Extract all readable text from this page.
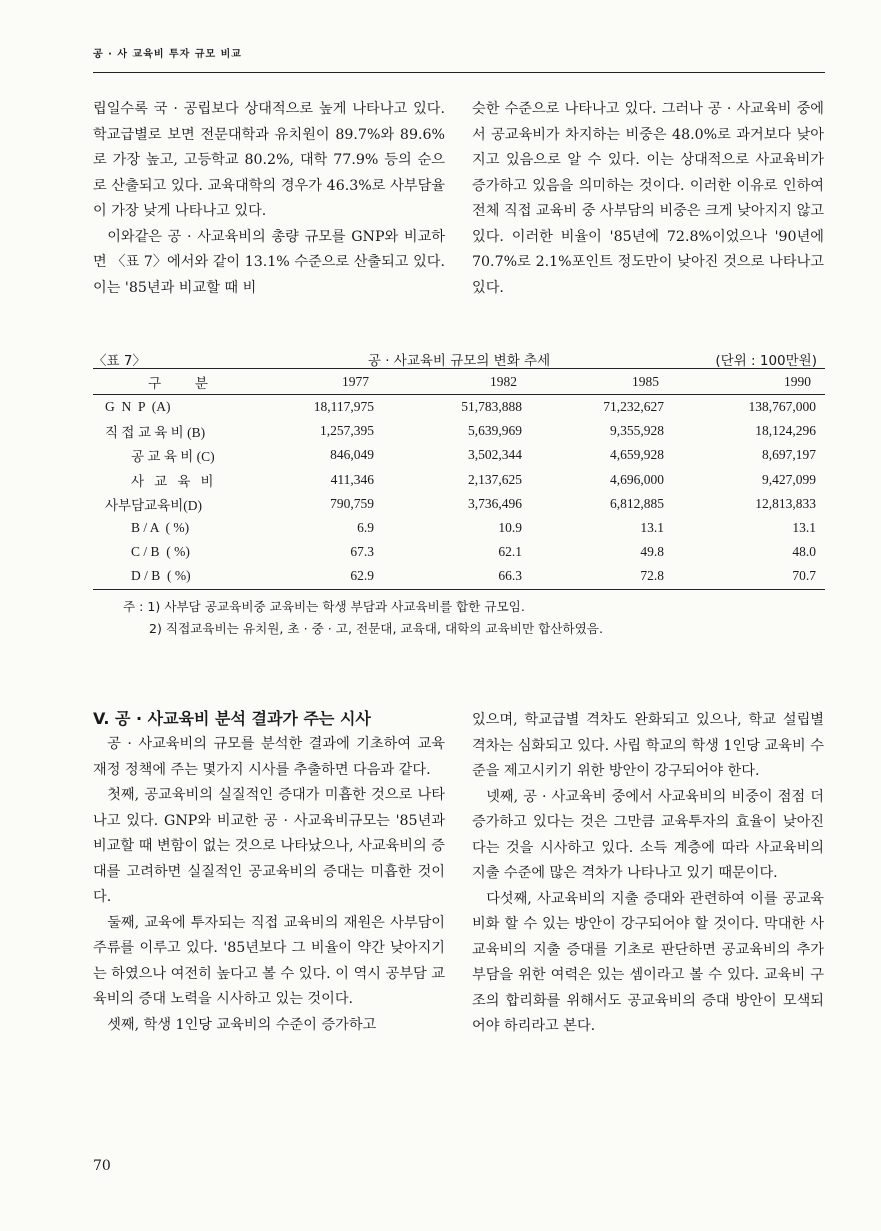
공 · 사 교육비 투자 규모 비교

립일수록 국 · 공립보다 상대적으로 높게 나타나고 있다. 학교급별로 보면 전문대학과 유치원이 89.7%와 89.6%로 가장 높고, 고등학교 80.2%, 대학 77.9% 등의 순으로 산출되고 있다. 교육대학의 경우가 46.3%로 사부담율이 가장 낮게 나타나고 있다.

이와같은 공 · 사교육비의 총량 규모를 GNP와 비교하면 〈표 7〉에서와 같이 13.1% 수준으로 산출되고 있다. 이는 '85년과 비교할 때 비

슷한 수준으로 나타나고 있다. 그러나 공 · 사교육비 중에서 공교육비가 차지하는 비중은 48.0%로 과거보다 낮아지고 있음으로 알 수 있다. 이는 상대적으로 사교육비가 증가하고 있음을 의미하는 것이다. 이러한 이유로 인하여 전체 직접 교육비 중 사부담의 비중은 크게 낮아지지 않고 있다. 이러한 비율이 '85년에 72.8%이었으나 '90년에 70.7%로 2.1%포인트 정도만이 낮아진 것으로 나타나고 있다.

〈표 7〉	공 · 사교육비 규모의 변화 추세	(단위 : 100만원)
구          분	1977	1982	1985	1990
G  N  P  (A)	18,117,975	51,783,888	71,232,627	138,767,000
직 접 교 육 비 (B)	1,257,395	5,639,969	9,355,928	18,124,296
공 교 육 비 (C)	846,049	3,502,344	4,659,928	8,697,197
사   교   육   비	411,346	2,137,625	4,696,000	9,427,099
사부담교육비(D)	790,759	3,736,496	6,812,885	12,813,833
B / A  ( %)	6.9	10.9	13.1	13.1
C / B  ( %)	67.3	62.1	49.8	48.0
D / B  ( %)	62.9	66.3	72.8	70.7
주 : 1) 사부담 공교육비중 교육비는 학생 부담과 사교육비를 합한 규모임.
2) 직접교육비는 유치원, 초 · 중 · 고, 전문대, 교육대, 대학의 교육비만 합산하였음.
V. 공 · 사교육비 분석 결과가 주는 시사

공 · 사교육비의 규모를 분석한 결과에 기초하여 교육 재정 정책에 주는 몇가지 시사를 추출하면 다음과 같다.

첫째, 공교육비의 실질적인 증대가 미흡한 것으로 나타나고 있다. GNP와 비교한 공 · 사교육비규모는 '85년과 비교할 때 변함이 없는 것으로 나타났으나, 사교육비의 증대를 고려하면 실질적인 공교육비의 증대는 미흡한 것이다.

둘째, 교육에 투자되는 직접 교육비의 재원은 사부담이 주류를 이루고 있다. '85년보다 그 비율이 약간 낮아지기는 하였으나 여전히 높다고 볼 수 있다. 이 역시 공부담 교육비의 증대 노력을 시사하고 있는 것이다.

셋째, 학생 1인당 교육비의 수준이 증가하고

있으며, 학교급별 격차도 완화되고 있으나, 학교 설립별 격차는 심화되고 있다. 사립 학교의 학생 1인당 교육비 수준을 제고시키기 위한 방안이 강구되어야 한다.

넷째, 공 · 사교육비 중에서 사교육비의 비중이 점점 더 증가하고 있다는 것은 그만큼 교육투자의 효율이 낮아진다는 것을 시사하고 있다. 소득 계층에 따라 사교육비의 지출 수준에 많은 격차가 나타나고 있기 때문이다.

다섯째, 사교육비의 지출 증대와 관련하여 이를 공교육비화 할 수 있는 방안이 강구되어야 할 것이다. 막대한 사교육비의 지출 증대를 기초로 판단하면 공교육비의 추가 부담을 위한 여력은 있는 셈이라고 볼 수 있다. 교육비 구조의 합리화를 위해서도 공교육비의 증대 방안이 모색되어야 하리라고 본다.

70
